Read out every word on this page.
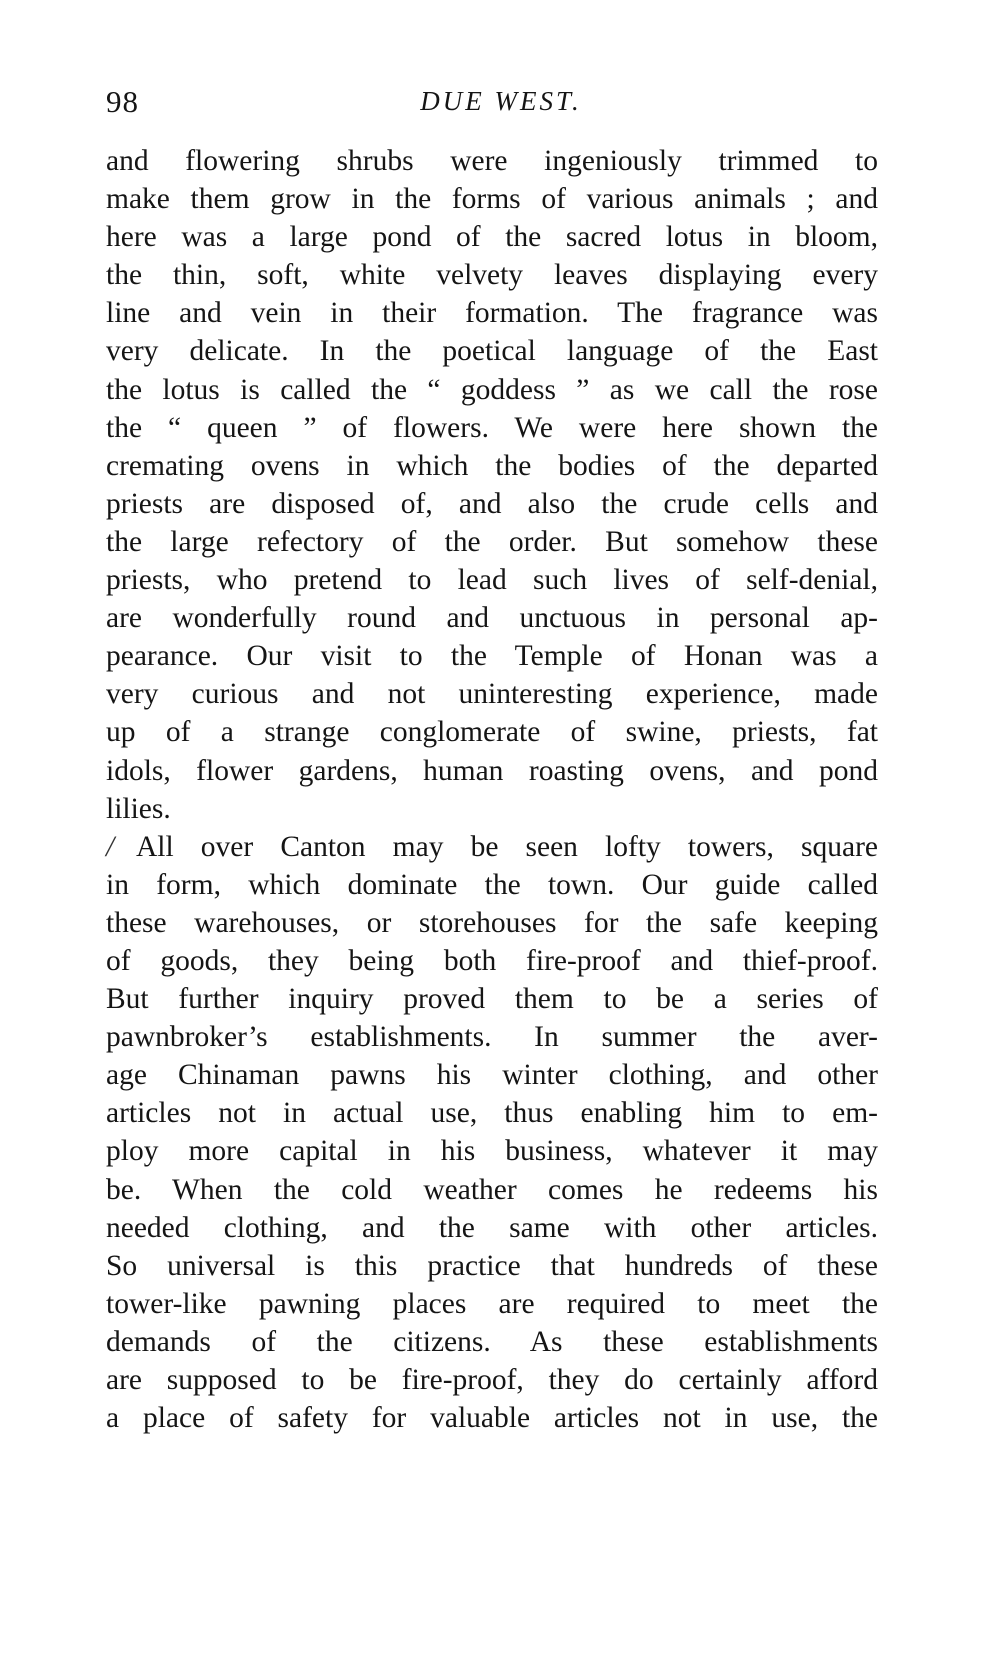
98	DUE WEST.
and flowering shrubs were ingeniously trimmed to
make them grow in the forms of various animals ; and
here was a large pond of the sacred lotus in bloom,
the thin, soft, white velvety leaves displaying every
line and vein in their formation. The fragrance was
very delicate. In the poetical language of the East
the lotus is called the “ goddess ” as we call the rose
the “ queen ” of flowers. We were here shown the
cremating ovens in which the bodies of the departed
priests are disposed of, and also the crude cells and
the large refectory of the order. But somehow these
priests, who pretend to lead such lives of self-denial,
are wonderfully round and unctuous in personal ap-
pearance. Our visit to the Temple of Honan was a
very curious and not uninteresting experience, made
up of a strange conglomerate of swine, priests, fat
idols, flower gardens, human roasting ovens, and pond
lilies.
/ All over Canton may be seen lofty towers, square
in form, which dominate the town. Our guide called
these warehouses, or storehouses for the safe keeping
of goods, they being both fire-proof and thief-proof.
But further inquiry proved them to be a series of
pawnbroker’s establishments. In summer the aver-
age Chinaman pawns his winter clothing, and other
articles not in actual use, thus enabling him to em-
ploy more capital in his business, whatever it may
be. When the cold weather comes he redeems his
needed clothing, and the same with other articles.
So universal is this practice that hundreds of these
tower-like pawning places are required to meet the
demands of the citizens. As these establishments
are supposed to be fire-proof, they do certainly afford
a place of safety for valuable articles not in use, the
